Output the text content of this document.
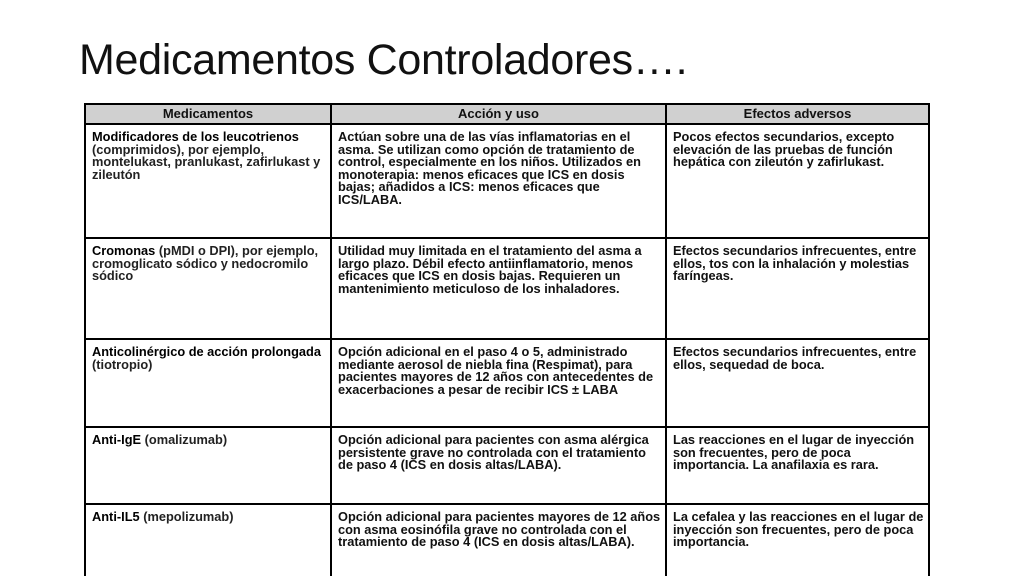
Medicamentos Controladores….
Medicamentos	Acción y uso	Efectos adversos
Modificadores de los leucotrienos (comprimidos), por ejemplo, montelukast, pranlukast, zafirlukast y zileutón	Actúan sobre una de las vías inflamatorias en el asma. Se utilizan como opción de tratamiento de control, especialmente en los niños. Utilizados en monoterapia: menos eficaces que ICS en dosis bajas; añadidos a ICS: menos eficaces que ICS/LABA.	Pocos efectos secundarios, excepto elevación de las pruebas de función hepática con zileutón y zafirlukast.

Cromonas (pMDI o DPI), por ejemplo, cromoglicato sódico y nedocromilo sódico	Utilidad muy limitada en el tratamiento del asma a largo plazo. Débil efecto antiinflamatorio, menos eficaces que ICS en dosis bajas. Requieren un mantenimiento meticuloso de los inhaladores.	Efectos secundarios infrecuentes, entre ellos, tos con la inhalación y molestias faríngeas.

Anticolinérgico de acción prolongada (tiotropio)	Opción adicional en el paso 4 o 5, administrado mediante aerosol de niebla fina (Respimat), para pacientes mayores de 12 años con antecedentes de exacerbaciones a pesar de recibir ICS ± LABA	Efectos secundarios infrecuentes, entre ellos, sequedad de boca.

Anti-IgE (omalizumab)	Opción adicional para pacientes con asma alérgica persistente grave no controlada con el tratamiento de paso 4 (ICS en dosis altas/LABA).	Las reacciones en el lugar de inyección son frecuentes, pero de poca importancia. La anafilaxia es rara.

Anti-IL5 (mepolizumab)	Opción adicional para pacientes mayores de 12 años con asma eosinófila grave no controlada con el tratamiento de paso 4 (ICS en dosis altas/LABA).	La cefalea y las reacciones en el lugar de inyección son frecuentes, pero de poca importancia.
